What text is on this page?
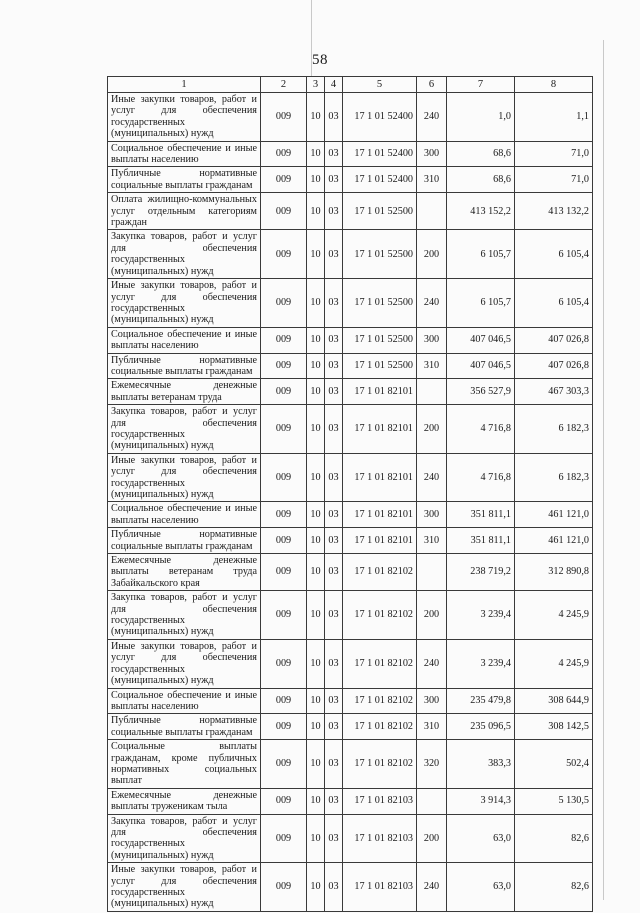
58
1	2	3	4	5	6	7	8
Иные закупки товаров, работ и услуг для обеспечения государственных (муниципальных) нужд	009	10	03	17 1 01 52400	240	1,0	1,1
Социальное обеспечение и иные выплаты населению	009	10	03	17 1 01 52400	300	68,6	71,0
Публичные нормативные социальные выплаты гражданам	009	10	03	17 1 01 52400	310	68,6	71,0
Оплата жилищно-коммунальных услуг отдельным категориям граждан	009	10	03	17 1 01 52500		413 152,2	413 132,2
Закупка товаров, работ и услуг для обеспечения государственных (муниципальных) нужд	009	10	03	17 1 01 52500	200	6 105,7	6 105,4
Иные закупки товаров, работ и услуг для обеспечения государственных (муниципальных) нужд	009	10	03	17 1 01 52500	240	6 105,7	6 105,4
Социальное обеспечение и иные выплаты населению	009	10	03	17 1 01 52500	300	407 046,5	407 026,8
Публичные нормативные социальные выплаты гражданам	009	10	03	17 1 01 52500	310	407 046,5	407 026,8
Ежемесячные денежные выплаты ветеранам труда	009	10	03	17 1 01 82101		356 527,9	467 303,3
Закупка товаров, работ и услуг для обеспечения государственных (муниципальных) нужд	009	10	03	17 1 01 82101	200	4 716,8	6 182,3
Иные закупки товаров, работ и услуг для обеспечения государственных (муниципальных) нужд	009	10	03	17 1 01 82101	240	4 716,8	6 182,3
Социальное обеспечение и иные выплаты населению	009	10	03	17 1 01 82101	300	351 811,1	461 121,0
Публичные нормативные социальные выплаты гражданам	009	10	03	17 1 01 82101	310	351 811,1	461 121,0
Ежемесячные денежные выплаты ветеранам труда Забайкальского края	009	10	03	17 1 01 82102		238 719,2	312 890,8
Закупка товаров, работ и услуг для обеспечения государственных (муниципальных) нужд	009	10	03	17 1 01 82102	200	3 239,4	4 245,9
Иные закупки товаров, работ и услуг для обеспечения государственных (муниципальных) нужд	009	10	03	17 1 01 82102	240	3 239,4	4 245,9
Социальное обеспечение и иные выплаты населению	009	10	03	17 1 01 82102	300	235 479,8	308 644,9
Публичные нормативные социальные выплаты гражданам	009	10	03	17 1 01 82102	310	235 096,5	308 142,5
Социальные выплаты гражданам, кроме публичных нормативных социальных выплат	009	10	03	17 1 01 82102	320	383,3	502,4
Ежемесячные денежные выплаты труженикам тыла	009	10	03	17 1 01 82103		3 914,3	5 130,5
Закупка товаров, работ и услуг для обеспечения государственных (муниципальных) нужд	009	10	03	17 1 01 82103	200	63,0	82,6
Иные закупки товаров, работ и услуг для обеспечения государственных (муниципальных) нужд	009	10	03	17 1 01 82103	240	63,0	82,6
